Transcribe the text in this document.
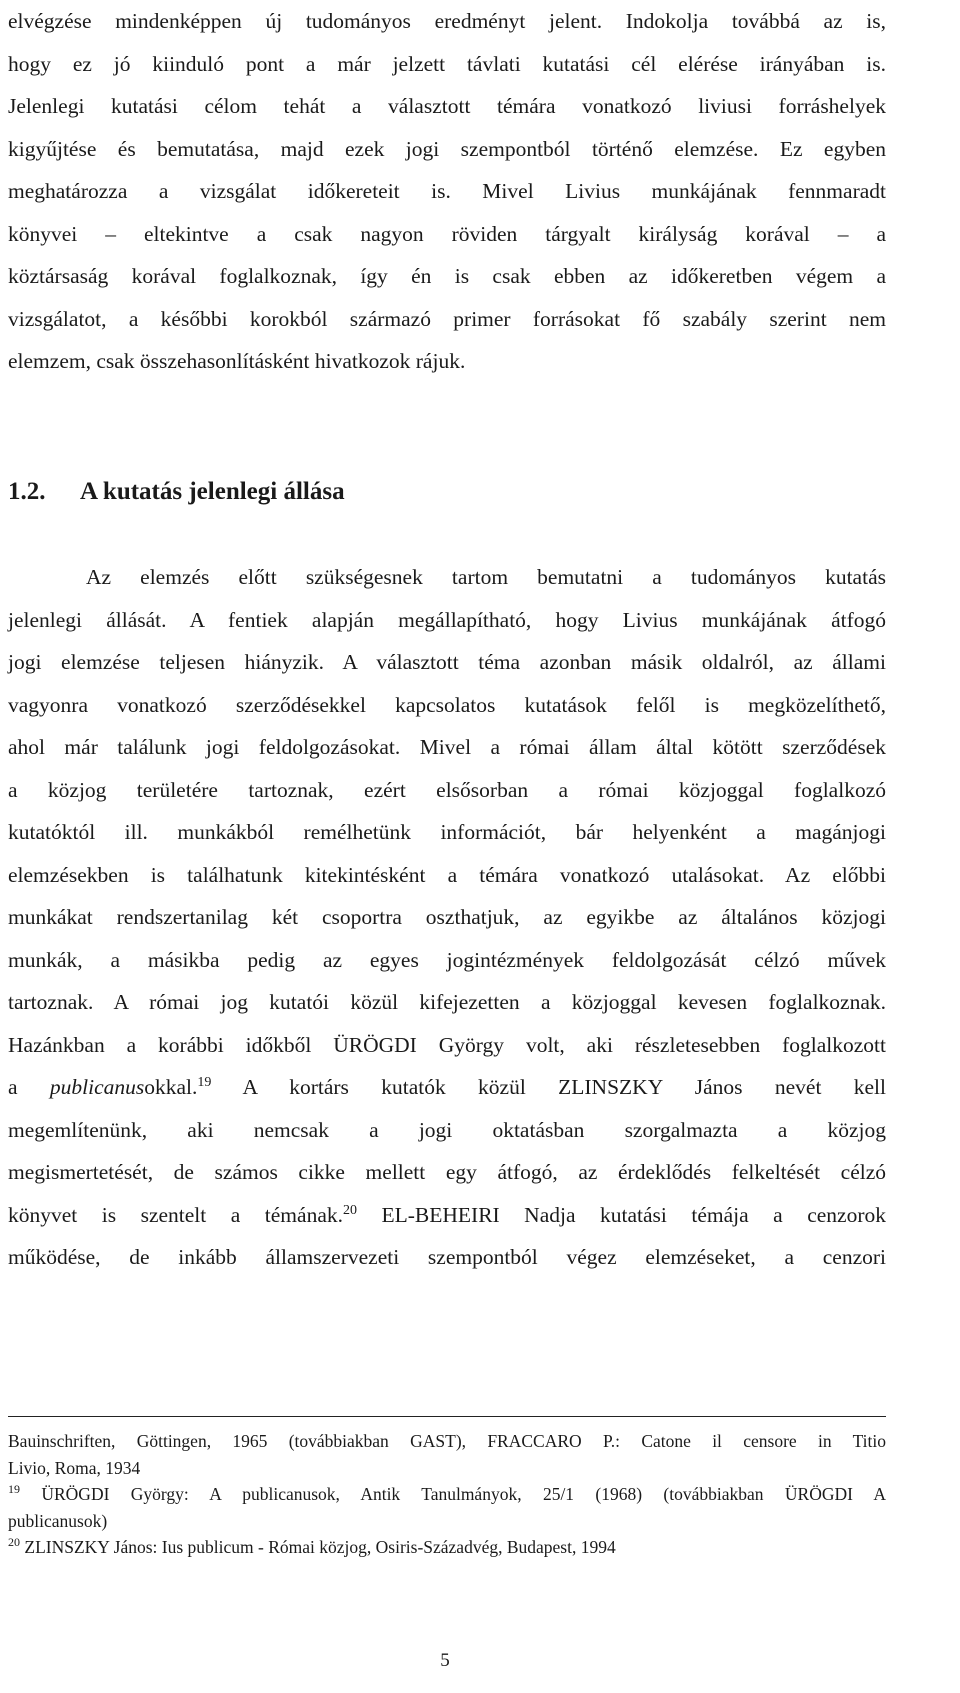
elvégzése mindenképpen új tudományos eredményt jelent. Indokolja továbbá az is,
hogy ez jó kiinduló pont a már jelzett távlati kutatási cél elérése irányában is.
Jelenlegi kutatási célom tehát a választott témára vonatkozó liviusi forráshelyek
kigyűjtése és bemutatása, majd ezek jogi szempontból történő elemzése. Ez egyben
meghatározza a vizsgálat időkereteit is. Mivel Livius munkájának fennmaradt
könyvei – eltekintve a csak nagyon röviden tárgyalt királyság korával – a
köztársaság korával foglalkoznak, így én is csak ebben az időkeretben végem a
vizsgálatot, a későbbi korokból származó primer forrásokat fő szabály szerint nem
elemzem, csak összehasonlításként hivatkozok rájuk.
1.2. A kutatás jelenlegi állása
Az elemzés előtt szükségesnek tartom bemutatni a tudományos kutatás
jelenlegi állását. A fentiek alapján megállapítható, hogy Livius munkájának átfogó
jogi elemzése teljesen hiányzik. A választott téma azonban másik oldalról, az állami
vagyonra vonatkozó szerződésekkel kapcsolatos kutatások felől is megközelíthető,
ahol már találunk jogi feldolgozásokat. Mivel a római állam által kötött szerződések
a közjog területére tartoznak, ezért elsősorban a római közjoggal foglalkozó
kutatóktól ill. munkákból remélhetünk információt, bár helyenként a magánjogi
elemzésekben is találhatunk kitekintésként a témára vonatkozó utalásokat. Az előbbi
munkákat rendszertanilag két csoportra oszthatjuk, az egyikbe az általános közjogi
munkák, a másikba pedig az egyes jogintézmények feldolgozását célzó művek
tartoznak. A római jog kutatói közül kifejezetten a közjoggal kevesen foglalkoznak.
Hazánkban a korábbi időkből ÜRÖGDI György volt, aki részletesebben foglalkozott
a publicanusokkal.$^{19}$ A kortárs kutatók közül ZLINSZKY János nevét kell
megemlítenünk, aki nemcsak a jogi oktatásban szorgalmazta a közjog
megismertetését, de számos cikke mellett egy átfogó, az érdeklődés felkeltését célzó
könyvet is szentelt a témának.$^{20}$ EL-BEHEIRI Nadja kutatási témája a cenzorok
működése, de inkább államszervezeti szempontból végez elemzéseket, a cenzori
Bauinschriften, Göttingen, 1965 (továbbiakban GAST), FRACCARO P.: Catone il censore in Titio
Livio, Roma, 1934
$^{19}$ ÜRÖGDI György: A publicanusok, Antik Tanulmányok, 25/1 (1968) (továbbiakban ÜRÖGDI A
publicanusok)
$^{20}$ ZLINSZKY János: Ius publicum - Római közjog, Osiris-Századvég, Budapest, 1994
5
